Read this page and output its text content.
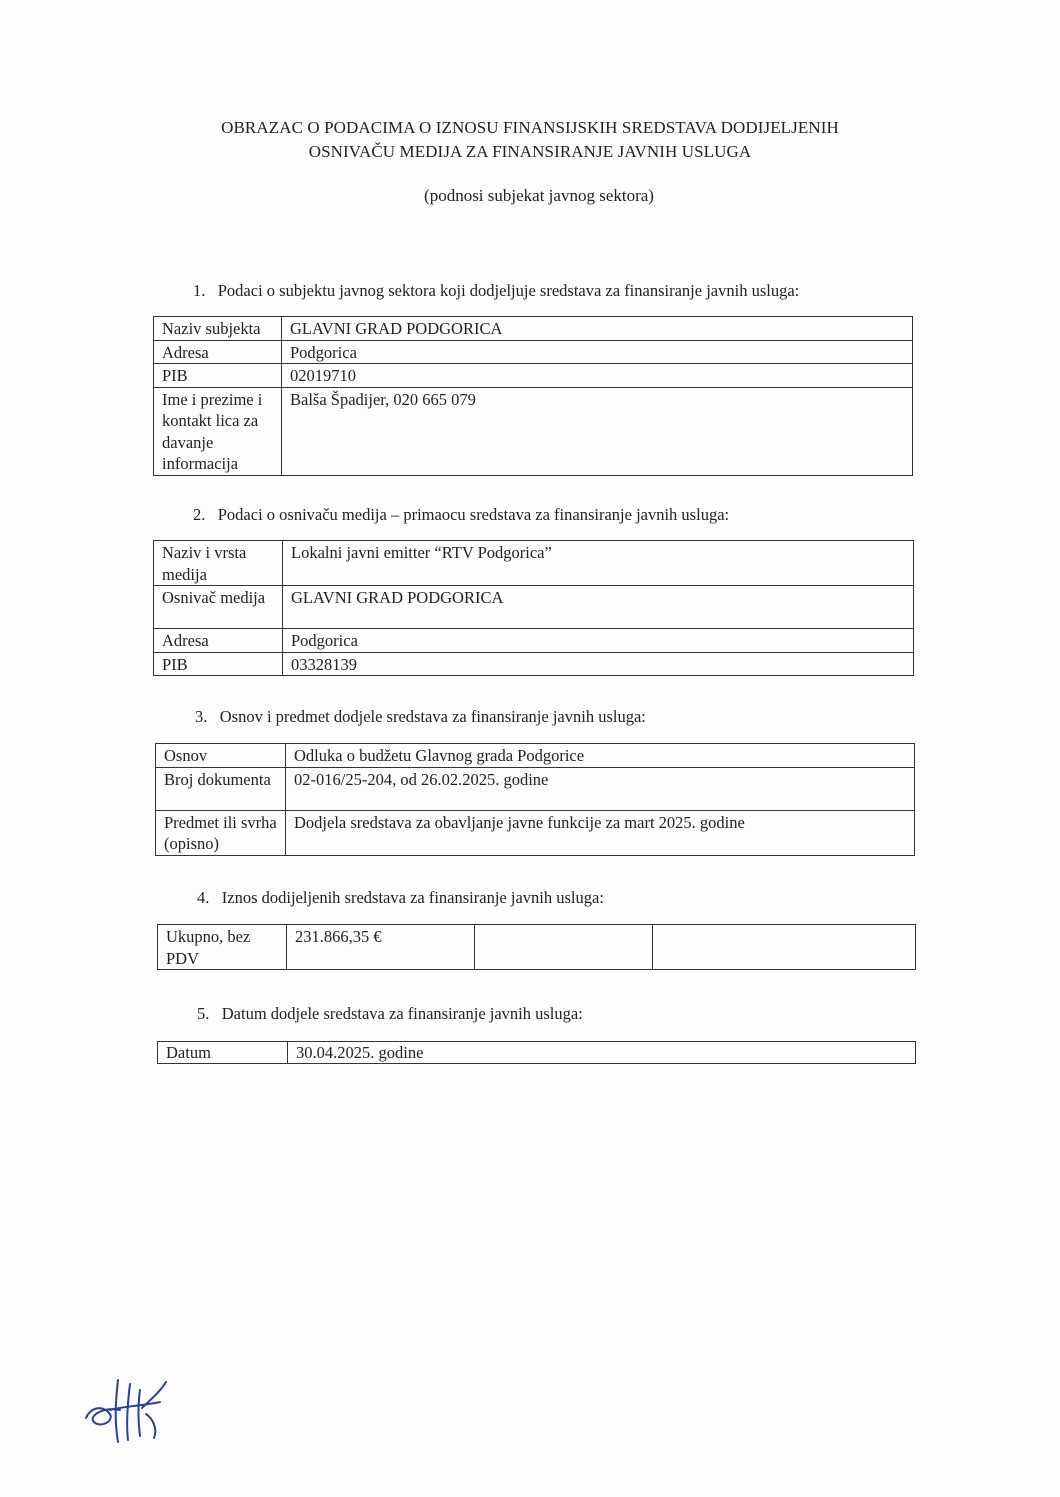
OBRAZAC O PODACIMA O IZNOSU FINANSIJSKIH SREDSTAVA DODIJELJENIH
OSNIVAČU MEDIJA ZA FINANSIRANJE JAVNIH USLUGA
(podnosi subjekat javnog sektora)
1.   Podaci o subjektu javnog sektora koji dodjeljuje sredstava za finansiranje javnih usluga:
Naziv subjekta	GLAVNI GRAD PODGORICA
Adresa	Podgorica
PIB	02019710
Ime i prezime i kontakt lica za davanje informacija	Balša Špadijer, 020 665 079
2.   Podaci o osnivaču medija – primaocu sredstava za finansiranje javnih usluga:
Naziv i vrsta medija	Lokalni javni emitter “RTV Podgorica”
Osnivač medija	GLAVNI GRAD PODGORICA
Adresa	Podgorica
PIB	03328139
3.   Osnov i predmet dodjele sredstava za finansiranje javnih usluga:
Osnov	Odluka o budžetu Glavnog grada Podgorice
Broj dokumenta	02-016/25-204, od 26.02.2025. godine
Predmet ili svrha (opisno)	Dodjela sredstava za obavljanje javne funkcije za mart 2025. godine
4.   Iznos dodijeljenih sredstava za finansiranje javnih usluga:
Ukupno, bez PDV	231.866,35 €		
5.   Datum dodjele sredstava za finansiranje javnih usluga:
Datum	30.04.2025. godine
